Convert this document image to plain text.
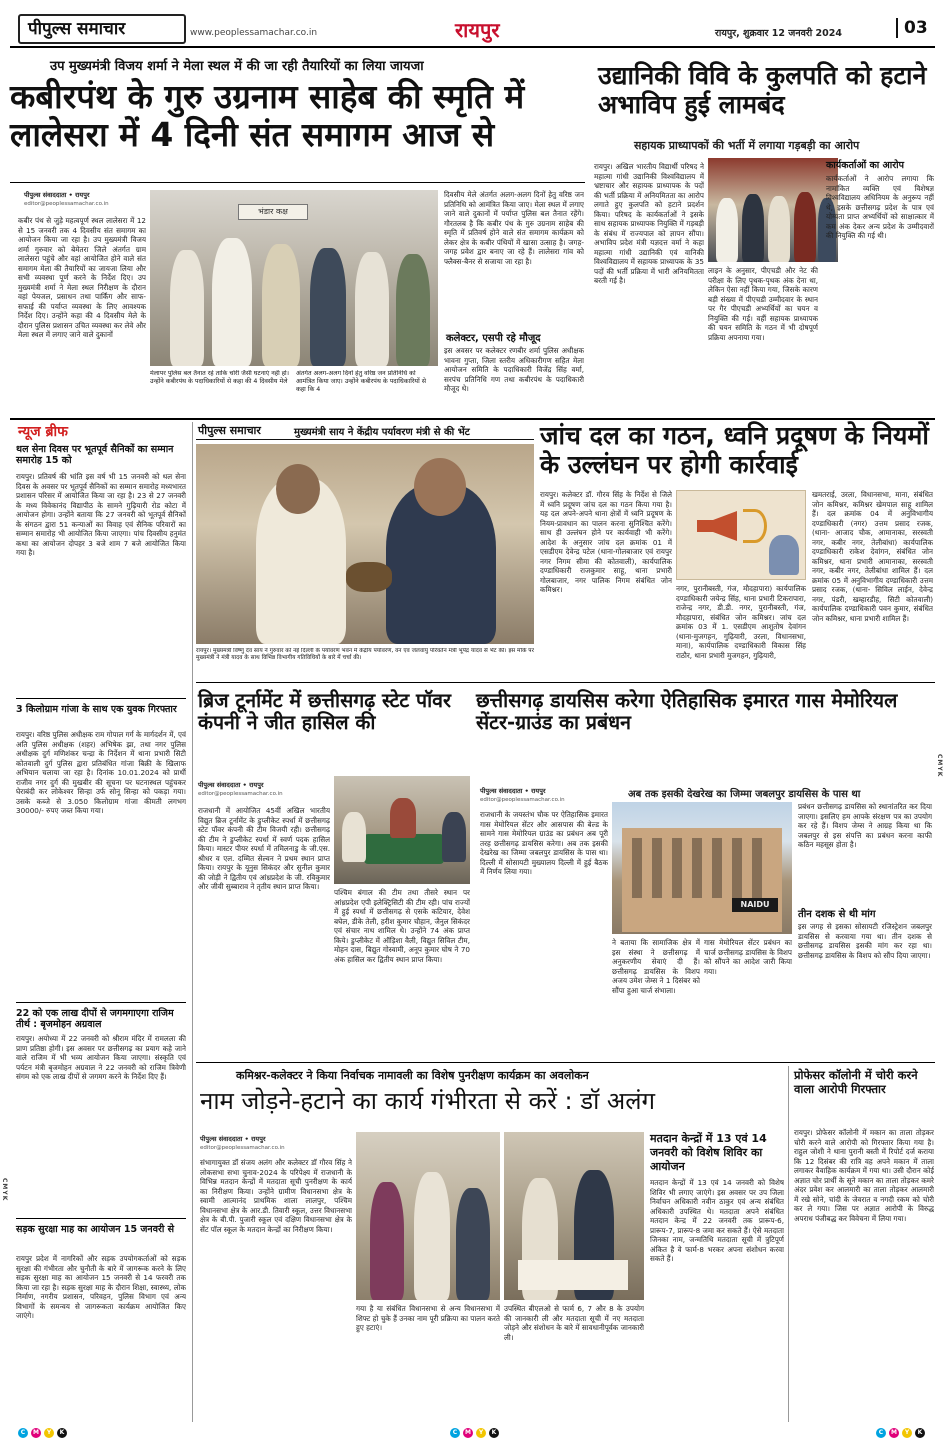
पीपुल्स समाचार	www.peoplessamachar.co.in	रायपुर	रायपुर, शुक्रवार 12 जनवरी 2024	03
उप मुख्यमंत्री विजय शर्मा ने मेला स्थल में की जा रही तैयारियों का लिया जायजा
कबीरपंथ के गुरु उग्रनाम साहेब की स्मृति में लालेसरा में 4 दिनी संत समागम आज से
पीपुल्स संवाददाता • रायपुर
editor@peoplessamachar.co.in
कबीर पंथ से जुड़े महत्वपूर्ण स्थल लालेसरा में 12 से 15 जनवरी तक 4 दिवसीय संत समागम का आयोजन किया जा रहा है। उप मुख्यमंत्री विजय शर्मा गुरुवार को बेमेतरा जिले अंतर्गत ग्राम लालेसरा पहुंचे और वहां आयोजित होने वाले संत समागम मेला की तैयारियों का जायजा लिया और सभी व्यवस्था पूर्ण करने के निर्देश दिए। उप मुख्यमंत्री शर्मा ने मेला स्थल निरीक्षण के दौरान वहां पेयजल, प्रसाधन तथा पार्किंग और साफ-सफाई की पर्याप्त व्यवस्था के लिए आवश्यक निर्देश दिए। उन्होंने कहा की 4 दिवसीय मेले के दौरान पुलिस प्रशासन उचित व्यवस्था कर लेवे और मेला स्थल में लगाए जाने वाले दुकानों
भंडार कक्ष
मेलापर पुलिस बल तैनात रहे ताकि चोरी जैसी घटनाएं नहीं हो। उन्होंने कबीरपंथ के पदाधिकारियों से कहा की 4 दिवसीय मेले
अंतर्गत अलग-अलग दिनों हेतु वरिष्ठ जन प्रतिनिधि को आमंत्रित किया जाए। उन्होंने कबीरपंथ के पदाधिकारियों से कहा कि 4
दिवसीय मेले अंतर्गत अलग-अलग दिनों हेतु वरिष्ठ जन प्रतिनिधि को आमंत्रित किया जाए। मेला स्थल में लगाए जाने वाले दुकानों में पर्याप्त पुलिस बल तैनात रहेंगे। गौरतलब है कि कबीर पंथ के गुरु उग्रनाम साहेब की स्मृति में प्रतिवर्ष होने वाले संत समागम कार्यक्रम को लेकर क्षेत्र के कबीर पंथियों में खासा उत्साह है। जगह-जगह प्रवेश द्वार बनाए जा रहे हैं। लालेसरा गांव को फ्लैक्स-बैनर से सजाया जा रहा है।
कलेक्टर, एसपी रहे मौजूद
इस अवसर पर कलेक्टर रणबीर शर्मा पुलिस अधीक्षक भावना गुप्ता, जिला स्तरीय अधिकारीगण सहित मेला आयोजन समिति के पदाधिकारी विजेंद्र सिंह वर्मा, सरपंच प्रतिनिधि गण तथा कबीरपंथ के पदाधिकारी मौजूद थे।
उद्यानिकी विवि के कुलपति को हटाने अभाविप हुई लामबंद
सहायक प्राध्यापकों की भर्ती में लगाया गड़बड़ी का आरोप
रायपुर। अखिल भारतीय विद्यार्थी परिषद ने महात्मा गांधी उद्यानिकी विश्वविद्यालय में भ्रष्टाचार और सहायक प्राध्यापक के पदों की भर्ती प्रक्रिया में अनियमितता का आरोप लगाते हुए कुलपति को हटाने प्रदर्शन किया। परिषद के कार्यकर्ताओं ने इसके साथ सहायक प्राध्यापक नियुक्ति में गड़बड़ी के संबंध में राज्यपाल को ज्ञापन सौंपा। अभाविप प्रदेश मंत्री यज्ञदत्त वर्मा ने कहा महात्मा गांधी उद्यानिकी एवं वानिकी विश्वविद्यालय में सहायक प्राध्यापक के 35 पदों की भर्ती प्रक्रिया में भारी अनियमितता बरती गई है।
लाइन के अनुसार, पीएचडी और नेट की परीक्षा के लिए पृथक-पृथक अंक देना था, लेकिन ऐसा नहीं किया गया, जिसके कारण बड़ी संख्या में पीएचडी उम्मीदवार के स्थान पर गैर पीएचडी अभ्यर्थियों का चयन व नियुक्ति की गई। वहीं सहायक प्राध्यापक की चयन समिति के गठन में भी दोषपूर्ण प्रक्रिया अपनाया गया।
कार्यकर्ताओं का आरोप
कार्यकर्ताओं ने आरोप लगाया कि नामांकित व्यक्ति एवं विशेषज्ञ विश्वविद्यालय अधिनियम के अनुरूप नहीं थे, इसके छत्तीसगढ़ प्रदेश के पात्र एवं योग्यता प्राप्त अभ्यर्थियों को साक्षात्कार में कम अंक देकर अन्य प्रदेश के उम्मीदवारों की नियुक्ति की गई थी।
न्यूज ब्रीफ
थल सेना दिवस पर भूतपूर्व सैनिकों का सम्मान समारोह 15 को
रायपुर। प्रतिवर्ष की भांति इस वर्ष भी 15 जनवरी को थल सेना दिवस के अवसर पर भूतपूर्व सैनिकों का सम्मान समारोह मध्यभारत प्रशासन परिसर में आयोजित किया जा रहा है। 23 से 27 जनवरी के मध्य विवेकानंद विद्यापीठ के सामने गुढ़ियारी रोड कोटा में आयोजन होगा। उन्होंने बताया कि 27 जनवरी को भूतपूर्व सैनिकों के संगठन द्वारा 51 कन्याओं का विवाह एवं सैनिक परिवारों का सम्मान समारोह भी आयोजित किया जाएगा। पांच दिवसीय हनुमंत कथा का आयोजन दोपहर 3 बजे शाम 7 बजे आयोजित किया गया है।
3 किलोग्राम गांजा के साथ एक युवक गिरफ्तार
रायपुर। वरिष्ठ पुलिस अधीक्षक राम गोपाल गर्ग के मार्गदर्शन में, एवं अति पुलिस अधीक्षक (शहर) अभिषेक झा, तथा नगर पुलिस अधीक्षक दुर्ग मणिशंकर चन्द्रा के निर्देशन में थाना प्रभारी सिटी कोतवाली दुर्ग पुलिस द्वारा प्रतिबंधित गांजा बिक्री के खिलाफ अभियान चलाया जा रहा है। दिनांक 10.01.2024 को प्रार्थी राजीव नगर दुर्ग की मुखबीर की सूचना पर घटनास्थल पहुंचकर घेराबंदी कर लोकेश्वर सिन्हा उर्फ सोनू सिन्हा को पकड़ा गया। उसके कब्जे से 3.050 किलोग्राम गांजा कीमती लगभग 30000/- रुपए जब्त किया गया।
22 को एक लाख दीपों से जगमगाएगा राजिम तीर्थ : बृजमोहन अग्रवाल
रायपुर। अयोध्या में 22 जनवरी को श्रीराम मंदिर में रामलला की प्राण प्रतिष्ठा होगी। इस अवसर पर छत्तीसगढ़ का प्रयाग कहे जाने वाले राजिम में भी भव्य आयोजन किया जाएगा। संस्कृति एवं पर्यटन मंत्री बृजमोहन अग्रवाल ने 22 जनवरी को राजिम त्रिवेणी संगम को एक लाख दीपों से जगमग करने के निर्देश दिए हैं।
सड़क सुरक्षा माह का आयोजन 15 जनवरी से
रायपुर प्रदेश में नागरिकों और सड़क उपयोगकर्ताओं को सड़क सुरक्षा की गंभीरता और चुनौती के बारे में जागरूक करने के लिए सड़क सुरक्षा माह का आयोजन 15 जनवरी से 14 फरवरी तक किया जा रहा है। सड़क सुरक्षा माह के दौरान शिक्षा, स्वास्थ्य, लोक निर्माण, नगरीय प्रशासन, परिवहन, पुलिस विभाग एवं अन्य विभागों के समन्वय से जागरूकता कार्यक्रम आयोजित किए जाएंगे।
पीपुल्स समाचार	मुख्यमंत्री साय ने केंद्रीय पर्यावरण मंत्री से की भेंट
रायपुर। मुख्यमंत्री विष्णु देव साय ने गुरुवार को नई दिल्ली के पर्यावरण भवन में केंद्रीय पर्यावरण, वन एवं जलवायु परिवर्तन मंत्री भूपेंद्र यादव से भेंट की। इस मौके पर मुख्यमंत्री ने मंत्री यादव के साथ विभिन्न विभागीय गतिविधियों के बारे में चर्चा की।
जांच दल का गठन, ध्वनि प्रदूषण के नियमों के उल्लंघन पर होगी कार्रवाई
रायपुर। कलेक्टर डॉ. गौरव सिंह के निर्देश से जिले में ध्वनि प्रदूषण जांच दल का गठन किया गया है। यह दल अपने-अपने थाना क्षेत्रों में ध्वनि प्रदूषण के नियम-प्रावधान का पालन करना सुनिश्चित करेंगे। साथ ही उल्लंघन होने पर कार्यवाही भी करेंगे। आदेश के अनुसार जांच दल क्रमांक 01 में एसडीएम देवेन्द्र पटेल (थाना-गोलबाजार एवं रायपुर नगर निगम सीमा की कोतवाली), कार्यपालिक दण्डाधिकारी राजकुमार साहू, थाना प्रभारी गोलबाजार, नगर पालिक निगम संबंधित जोन कमिश्नर।	नगर, पुरानीबस्ती, गंज, मौदहापारा) कार्यपालिक दण्डाधिकारी जयेन्द्र सिंह, थाना प्रभारी टिकरापारा, राजेन्द्र नगर, डी.डी. नगर, पुरानीबस्ती, गंज, मौदहापारा, संबंधित जोन कमिश्नर। जांच दल क्रमांक 03 में 1. एसडीएम आशुतोष देवांगन (थाना-मुजगहन, गुढ़ियारी, उरला, विधानसभा, माना), कार्यपालिक दण्डाधिकारी विकास सिंह राठौर, थाना प्रभारी मुजगहन, गुढ़ियारी,
खमतराई, उरला, विधानसभा, माना, संबंधित जोन कमिश्नर, कमिश्नर खेमपाल साहू शामिल हैं। दल क्रमांक 04 में अनुविभागीय दण्डाधिकारी (नगर) उत्तम प्रसाद रजक, (थाना- आजाद चौक, आमानाका, सरस्वती नगर, कबीर नगर, तेलीबांधा) कार्यपालिक दण्डाधिकारी राकेश देवांगन, संबंधित जोन कमिश्नर, थाना प्रभारी आमानाका, सरस्वती नगर, कबीर नगर, तेलीबांधा शामिल हैं। दल क्रमांक 05 में अनुविभागीय दण्डाधिकारी उत्तम प्रसाद रजक, (थाना- सिविल लाईन, देवेन्द्र नगर, पंडरी, खम्हारडीह, सिटी कोतवाली) कार्यपालिक दण्डाधिकारी पवन कुमार, संबंधित जोन कमिश्नर, थाना प्रभारी शामिल हैं।
ब्रिज टूर्नामेंट में छत्तीसगढ़ स्टेट पॉवर कंपनी ने जीत हासिल की
पीपुल्स संवाददाता • रायपुर
editor@peoplessamachar.co.in
राजधानी में आयोजित 45वीं अखिल भारतीय विद्युत ब्रिज टूर्नामेंट के डुप्लीकेट स्पर्धा में छत्तीसगढ़ स्टेट पॉवर कंपनी की टीम विजयी रही। छत्तीसगढ़ की टीम ने डुप्लीकेट स्पर्धा में स्वर्ण पदक हासिल किया। मास्टर पीयर स्पर्धा में तमिलनाडु के जी.एस. श्रीधर व एल. दम्मित सेल्वन ने प्रथम स्थान प्राप्त किया। रायपुर के यूनुस सिकंदर और सुनील कुमार की जोड़ी ने द्वितीय एवं आंध्रप्रदेश के जी. रविकुमार और जीवी सुब्बाराव ने तृतीय स्थान प्राप्त किया।
पश्चिम बंगाल की टीम तथा तीसरे स्थान पर आंध्रप्रदेश एपी इलेक्ट्रिसिटी की टीम रही। पांच राज्यों में हुई स्पर्धा में छत्तीसगढ़ से एसके कटियार, देवेश बघेल, डीके तेली, हरीश कुमार चौहान, जैनुल सिकंदर एवं संचार नाथ शामिल थे। उन्होंने 74 अंक प्राप्त किये। डुप्लीकेट में ऑड़िशा वैली, विद्युत सिविल टीम, मोहन दास, बिद्युत गोस्वामी, अनूप कुमार घोष ने 70 अंक हासिल कर द्वितीय स्थान प्राप्त किया।
छत्तीसगढ़ डायसिस करेगा ऐतिहासिक इमारत गास मेमोरियल सेंटर-ग्राउंड का प्रबंधन
अब तक इसकी देखरेख का जिम्मा जबलपुर डायसिस के पास था
पीपुल्स संवाददाता • रायपुर
editor@peoplessamachar.co.in
राजधानी के जयस्तंभ चौक पर ऐतिहासिक इमारत गास मेमोरियल सेंटर और आसपास की बेल्ड के सामने गास मेमोरियल ग्राउंड का प्रबंधन अब पूरी तरह छत्तीसगढ़ डायसिस करेगा। अब तक इसकी देखरेख का जिम्मा जबलपुर डायसिस के पास था। दिल्ली में सोसायटी मुख्यालय दिल्ली में हुई बैठक में निर्णय लिया गया।
NAIDU
ने बताया कि सामाजिक क्षेत्र में इस संस्था ने छत्तीसगढ़ में अनुकरणीय सेवाएं दी हैं। छत्तीसगढ़ डायसिस के विशप अजय उमेश जेम्स ने 1 दिसंबर को सौंपा हुआ चार्ज संभाला।
गास मेमोरियल सेंटर प्रबंधन का चार्ज छत्तीसगढ़ डायसिस के विशप को सौंपने का आदेश जारी किया गया।
प्रबंधन छत्तीसगढ़ डायसिस को स्थानांतरित कर दिया जाएगा। इसलिए हम आपके संरक्षण पत्र का उपयोग कर रहे हैं। विशप जेम्स ने आग्रह किया था कि जबलपुर से इस संपत्ति का प्रबंधन करना काफी कठिन महसूस होता है।
तीन दशक से थी मांग
इस जगह से इसका सोसायटी रजिस्ट्रेशन जबलपुर डायसिस से करवाया गया था। तीन दशक से छत्तीसगढ़ डायसिस इसकी मांग कर रहा था। छत्तीसगढ़ डायसिस के विशप को सौंप दिया जाएगा।
कमिश्नर-कलेक्टर ने किया निर्वाचक नामावली का विशेष पुनरीक्षण कार्यक्रम का अवलोकन
नाम जोड़ने-हटाने का कार्य गंभीरता से करें : डॉ अलंग
पीपुल्स संवाददाता • रायपुर
editor@peoplessamachar.co.in
संभागायुक्त डॉ संजय अलंग और कलेक्टर डॉ गौरव सिंह ने लोकसभा सभा चुनाव-2024 के परिपेक्ष्य में राजधानी के विभिन्न मतदान केन्द्रों में मतदाता सूची पुनरीक्षण के कार्य का निरीक्षण किया। उन्होंने ग्रामीण विधानसभा क्षेत्र के स्वामी आत्मानंद प्राथमिक शाला लालपुर, पश्चिम विधानसभा क्षेत्र के आर.डी. तिवारी स्कूल, उत्तर विधानसभा क्षेत्र के बी.पी. पुजारी स्कूल एवं दक्षिण विधानसभा क्षेत्र के सेंट पॉल स्कूल के मतदान केन्द्रों का निरीक्षण किया।
गया है या संबंधित विधानसभा से अन्य विधानसभा में शिफ्ट हो चुके हैं उनका नाम पूरी प्रक्रिया का पालन करते हुए हटाएं।
उपस्थित बीएलओ से फार्म 6, 7 और 8 के उपयोग की जानकारी ली और मतदाता सूची में नए मतदाता जोड़ने और संशोधन के बारे में सावधानीपूर्वक जानकारी ली।
मतदान केन्द्रों में 13 एवं 14 जनवरी को विशेष शिविर का आयोजन
मतदान केन्द्रों में 13 एवं 14 जनवरी को विशेष शिविर भी लगाए जाएंगे। इस अवसर पर उप जिला निर्वाचन अधिकारी नवीन ठाकुर एवं अन्य संबंधित अधिकारी उपस्थित थे। मतदाता अपने संबंधित मतदान केन्द्र में 22 जनवरी तक प्रारूप-6, प्रारूप-7, प्रारूप-8 जमा कर सकते हैं। ऐसे मतदाता जिनका नाम, जन्मतिथि मतदाता सूची में त्रुटिपूर्ण अंकित है वे फार्म-8 भरकर अपना संशोधन करवा सकते हैं।
प्रोफेसर कॉलोनी में चोरी करने वाला आरोपी गिरफ्तार
रायपुर। प्रोफेसर कॉलोनी में मकान का ताला तोड़कर चोरी करने वाले आरोपी को गिरफ्तार किया गया है। राहुल जोशी ने थाना पुरानी बस्ती में रिपोर्ट दर्ज कराया कि 12 दिसंबर की रात्रि वह अपने मकान में ताला लगाकर वैवाहिक कार्यक्रम में गया था। उसी दौरान कोई अज्ञात चोर प्रार्थी के सूने मकान का ताला तोड़कर कमरे अंदर प्रवेश कर आलमारी का ताला तोड़कर आलमारी में रखे सोने, चांदी के जेवरात व नगदी रकम को चोरी कर ले गया। जिस पर अज्ञात आरोपी के विरुद्ध अपराध पंजीबद्ध कर विवेचना में लिया गया।
CMYK
CMYK
C	M	Y	K	C	M	Y	K	C	M	Y	K
